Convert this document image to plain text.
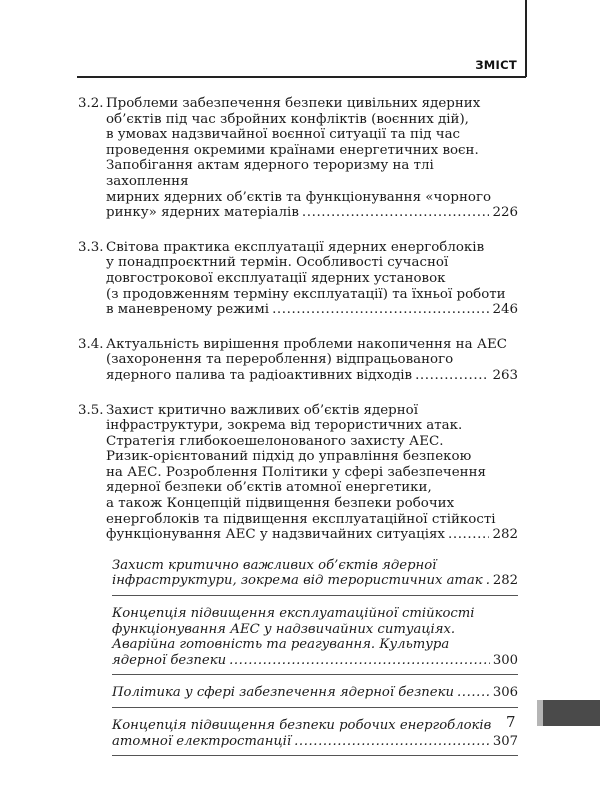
ЗМІСТ
3.2. Проблеми забезпечення безпеки цивільних ядерних
об’єктів під час збройних конфліктів (воєнних дій),
в умовах надзвичайної воєнної ситуації та під час
проведення окремими країнами енергетичних воєн.
Запобігання актам ядерного тероризму на тлі захоплення
мирних ядерних об’єктів та функціонування «чорного
ринку» ядерних матеріалів .....	226
3.3. Світова практика експлуатації ядерних енергоблоків
у понадпроєктний термін. Особливості сучасної
довгострокової експлуатації ядерних установок
(з продовженням терміну експлуатації) та їхньої роботи
в маневреному режимі .....	246
3.4. Актуальність вирішення проблеми накопичення на АЕС
(захоронення та перероблення) відпрацьованого
ядерного палива та радіоактивних відходів .....	263
3.5. Захист критично важливих об’єктів ядерної
інфраструктури, зокрема від терористичних атак.
Стратегія глибокоешелонованого захисту АЕС.
Ризик-орієнтований підхід до управління безпекою
на АЕС. Розроблення Політики у сфері забезпечення
ядерної безпеки об’єктів атомної енергетики,
а також Концепцій підвищення безпеки робочих
енергоблоків та підвищення експлуатаційної стійкості
функціонування АЕС у надзвичайних ситуаціях .....	282
Захист критично важливих об’єктів ядерної
інфраструктури, зокрема від терористичних атак ..... 282
Концепція підвищення експлуатаційної стійкості
функціонування АЕС у надзвичайних ситуаціях.
Аварійна готовність та реагування. Культура
ядерної безпеки .....	300
Політика у сфері забезпечення ядерної безпеки .....	306
Концепція підвищення безпеки робочих енергоблоків
атомної електростанції .....	307
7
